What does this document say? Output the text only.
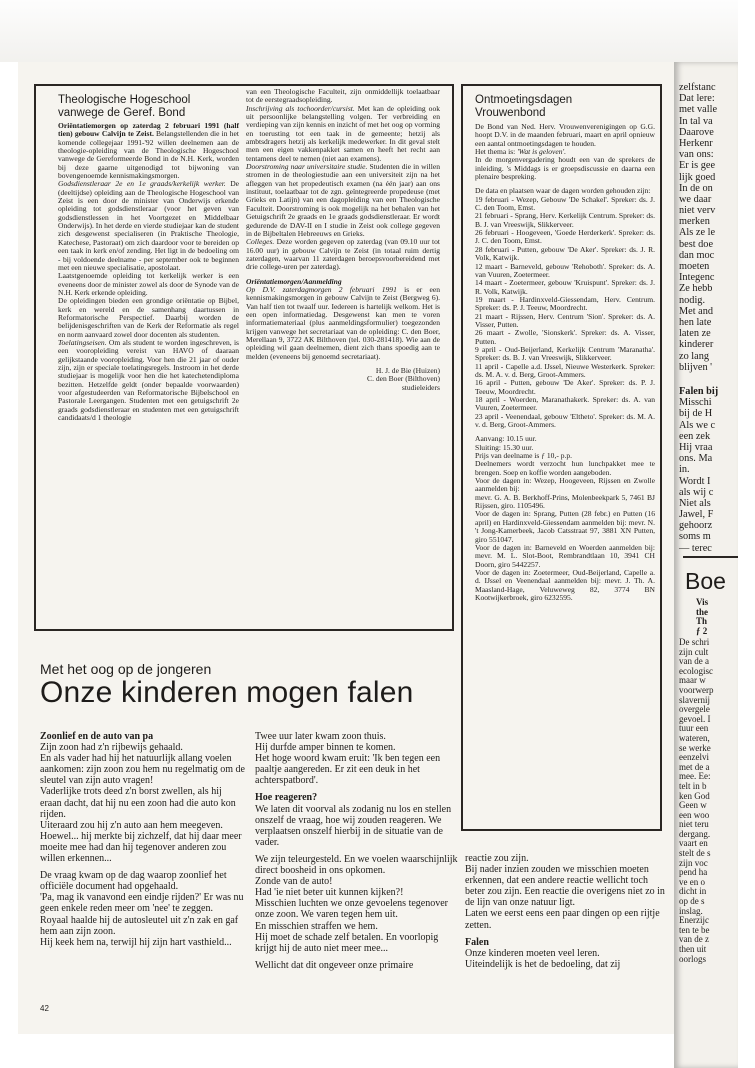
Theologische Hogeschool
vanwege de Geref. Bond

Oriëntatiemorgen op zaterdag 2 februari 1991 (half tien) gebouw Calvijn te Zeist. Belangstellenden die in het komende collegejaar 1991-'92 willen deelnemen aan de theologie-opleiding van de Theologische Hogeschool vanwege de Gereformeerde Bond in de N.H. Kerk, worden bij deze gaarne uitgenodigd tot bijwoning van bovengenoemde kennismakingsmorgen.

Godsdienstleraar 2e en 1e graads/kerkelijk werker. De (deeltijdse) opleiding aan de Theologische Hogeschool van Zeist is een door de minister van Onderwijs erkende opleiding tot godsdienstleraar (voor het geven van godsdienstlessen in het Voortgezet en Middelbaar Onderwijs). In het derde en vierde studiejaar kan de student zich desgewenst specialiseren (in Praktische Theologie, Katechese, Pastoraat) om zich daardoor voor te bereiden op een taak in kerk en/of zending. Het ligt in de bedoeling om - bij voldoende deelname - per september ook te beginnen met een nieuwe specialisatie, apostolaat.

Laatstgenoemde opleiding tot kerkelijk werker is een eveneens door de minister zowel als door de Synode van de N.H. Kerk erkende opleiding.

De opleidingen bieden een grondige oriëntatie op Bijbel, kerk en wereld en de samenhang daartussen in Reformatorische Perspectief. Daarbij worden de belijdenisgeschriften van de Kerk der Reformatie als regel en norm aanvaard zowel door docenten als studenten.

Toelatingseisen. Om als student te worden ingeschreven, is een vooropleiding vereist van HAVO of daaraan gelijkstaande vooropleiding. Voor hen die 21 jaar of ouder zijn, zijn er speciale toelatingsregels. Instroom in het derde studiejaar is mogelijk voor hen die het katechetendiploma bezitten. Hetzelfde geldt (onder bepaalde voorwaarden) voor afgestudeerden van Reformatorische Bijbelschool en Pastorale Leergangen. Studenten met een getuigschrift 2e graads godsdienstleraar en studenten met een getuigschrift candidaats/d 1 theologie

van een Theologische Faculteit, zijn onmiddellijk toelaatbaar tot de eerstegraadsopleiding.

Inschrijving als tochoorder/cursist. Met kan de opleiding ook uit persoonlijke belangstelling volgen. Ter verbreiding en verdieping van zijn kennis en inzicht of met het oog op vorming en toerusting tot een taak in de gemeente; hetzij als ambtsdragers hetzij als kerkelijk medewerker. In dit geval stelt men een eigen vakkenpakket samen en heeft het recht aan tentamens deel te nemen (niet aan examens).

Doorstroming naar universitaire studie. Studenten die in willen stromen in de theologiestudie aan een universiteit zijn na het afleggen van het propedeutisch examen (na één jaar) aan ons instituut, toelaatbaar tot de zgn. geïntegreerde propedeuse (met Grieks en Latijn) van een dagopleiding van een Theologische Faculteit. Doorstroming is ook mogelijk na het behalen van het Getuigschrift 2e graads en 1e graads godsdienstleraar. Er wordt gedurende de DAV-II en I studie in Zeist ook college gegeven in de Bijbeltalen Hebreeuws en Grieks.

Colleges. Deze worden gegeven op zaterdag (van 09.10 uur tot 16.00 uur) in gebouw Calvijn te Zeist (in totaal ruim dertig zaterdagen, waarvan 11 zaterdagen beroepsvoorbereidend met drie college-uren per zaterdag).

Oriëntatiemorgen/Aanmelding

Op D.V. zaterdagmorgen 2 februari 1991 is er een kennismakingsmorgen in gebouw Calvijn te Zeist (Bergweg 6). Van half tien tot twaalf uur. Iedereen is hartelijk welkom. Het is een open informatiedag. Desgewenst kan men te voren informatiemateriaal (plus aanmeldingsformulier) toegezonden krijgen vanwege het secretariaat van de opleiding: C. den Boer, Merellaan 9, 3722 AK Bilthoven (tel. 030-281418). Wie aan de opleiding wil gaan deelnemen, dient zich thans spoedig aan te melden (eveneens bij genoemd secretariaat).

H. J. de Bie (Huizen)

C. den Boer (Bilthoven)

studieleiders

Ontmoetingsdagen
Vrouwenbond

De Bond van Ned. Herv. Vrouwenverenigingen op G.G. hoopt D.V. in de maanden februari, maart en april opnieuw een aantal ontmoetingsdagen te houden.

Het thema is: 'Wat is geloven'.

In de morgenvergadering houdt een van de sprekers de inleiding. 's Middags is er groepsdiscussie en daarna een plenaire bespreking.

De data en plaatsen waar de dagen worden gehouden zijn:

19 februari - Wezep, Gebouw 'De Schakel'. Spreker: ds. J. C. den Toom, Emst.

21 februari - Sprang, Herv. Kerkelijk Centrum. Spreker: ds. B. J. van Vreeswijk, Slikkerveer.

26 februari - Hoogeveen, 'Goede Herderkerk'. Spreker: ds. J. C. den Toom, Emst.

28 februari - Putten, gebouw 'De Aker'. Spreker: ds. J. R. Volk, Katwijk.

12 maart - Barneveld, gebouw 'Rehoboth'. Spreker: ds. A. van Vuuren, Zoetermeer.

14 maart - Zoetermeer, gebouw 'Kruispunt'. Spreker: ds. J. R. Volk, Katwijk.

19 maart - Hardinxveld-Giessendam, Herv. Centrum. Spreker: ds. P. J. Teeuw, Moordrecht.

21 maart - Rijssen, Herv. Centrum 'Sion'. Spreker: ds. A. Visser, Putten.

26 maart - Zwolle, 'Sionskerk'. Spreker: ds. A. Visser, Putten.

9 april - Oud-Beijerland, Kerkelijk Centrum 'Maranatha'. Spreker: ds. B. J. van Vreeswijk, Slikkerveer.

11 april - Capelle a.d. IJssel, Nieuwe Westerkerk. Spreker: ds. M. A. v. d. Berg, Groot-Ammers.

16 april - Putten, gebouw 'De Aker'. Spreker: ds. P. J. Teeuw, Moordrecht.

18 april - Woerden, Maranathakerk. Spreker: ds. A. van Vuuren, Zoetermeer.

23 april - Veenendaal, gebouw 'Eltheto'. Spreker: ds. M. A. v. d. Berg, Groot-Ammers.

Aanvang: 10.15 uur.

Sluiting: 15.30 uur.

Prijs van deelname is ƒ 10,- p.p.

Deelnemers wordt verzocht hun lunchpakket mee te brengen. Soep en koffie worden aangeboden.

Voor de dagen in: Wezep, Hoogeveen, Rijssen en Zwolle aanmelden bij:

mevr. G. A. B. Berkhoff-Prins, Molenbeekpark 5, 7461 BJ Rijssen, giro. 1105496.

Voor de dagen in: Sprang, Putten (28 febr.) en Putten (16 april) en Hardinxveld-Giessendam aanmelden bij: mevr. N. 't Jong-Kamerbeek, Jacob Catsstraat 97, 3881 XN Putten, giro 551047.

Voor de dagen in: Barneveld en Woerden aanmelden bij: mevr. M. L. Slot-Boot, Rembrandtlaan 10, 3941 CH Doorn, giro 5442257.

Voor de dagen in: Zoetermeer, Oud-Beijerland, Capelle a. d. IJssel en Veenendaal aanmelden bij: mevr. J. Th. A. Maasland-Hage, Veluweweg 82, 3774 BN Kootwijkerbroek, giro 6232595.

Met het oog op de jongeren
Onze kinderen mogen falen

Zoonlief en de auto van pa

Zijn zoon had z'n rijbewijs gehaald.

En als vader had hij het natuurlijk allang voelen aankomen: zijn zoon zou hem nu regelmatig om de sleutel van zijn auto vragen!

Vaderlijke trots deed z'n borst zwellen, als hij eraan dacht, dat hij nu een zoon had die auto kon rijden.

Uiteraard zou hij z'n auto aan hem meegeven.

Hoewel... hij merkte bij zichzelf, dat hij daar meer moeite mee had dan hij tegenover anderen zou willen erkennen...

De vraag kwam op de dag waarop zoonlief het officiële document had opgehaald.

'Pa, mag ik vanavond een eindje rijden?' Er was nu geen enkele reden meer om 'nee' te zeggen.

Royaal haalde hij de autosleutel uit z'n zak en gaf hem aan zijn zoon.

Hij keek hem na, terwijl hij zijn hart vasthield...

Twee uur later kwam zoon thuis.

Hij durfde amper binnen te komen.

Het hoge woord kwam eruit: 'Ik ben tegen een paaltje aangereden. Er zit een deuk in het achterspatbord'.

Hoe reageren?

We laten dit voorval als zodanig nu los en stellen onszelf de vraag, hoe wij zouden reageren. We verplaatsen onszelf hierbij in de situatie van de vader.

We zijn teleurgesteld. En we voelen waarschijnlijk direct boosheid in ons opkomen.

Zonde van de auto!

Had 'ie niet beter uit kunnen kijken?!

Misschien luchten we onze gevoelens tegenover onze zoon. We varen tegen hem uit.

En misschien straffen we hem.

Hij moet de schade zelf betalen. En voorlopig krijgt hij de auto niet meer mee...

Wellicht dat dit ongeveer onze primaire

reactie zou zijn.

Bij nader inzien zouden we misschien moeten erkennen, dat een andere reactie wellicht toch beter zou zijn. Een reactie die overigens niet zo in de lijn van onze natuur ligt.

Laten we eerst eens een paar dingen op een rijtje zetten.

Falen

Onze kinderen moeten veel leren.

Uiteindelijk is het de bedoeling, dat zij

42
zelfstanc
Dat lere:
met valle
In tal va
Daarove
Herkenr
van ons:
Er is gee
lijk goed
In de on
we daar
niet verv
merken
Als ze le
best doe
dan moc
moeten
Integenc
Ze hebb
nodig.
Met and
hen late
laten ze
kinderer
zo lang
blijven '
Falen bij
Misschi
bij de H
Als we c
een zek
Hij vraa
ons. Ma
in.
Wordt I
als wij c
Niet als
Jawel, F
gehoorz
soms m
— terec
Boe
Vis
the
Th
ƒ 2
De schri
zijn cult
van de a
ecologisc
maar w
voorwerp
slavernij
overgele
gevoel. I
tuur een
wateren,
se werke
eenzelvi
met de a
mee. Ee:
telt in b
ken God
Geen w
een woo
niet teru
dergang.
vaart en
stelt de s
zijn voc
pend ha
ve en o
dicht in
op de s
inslag.
Enerzijc
ten te be
van de z
then uit
oorlogs
